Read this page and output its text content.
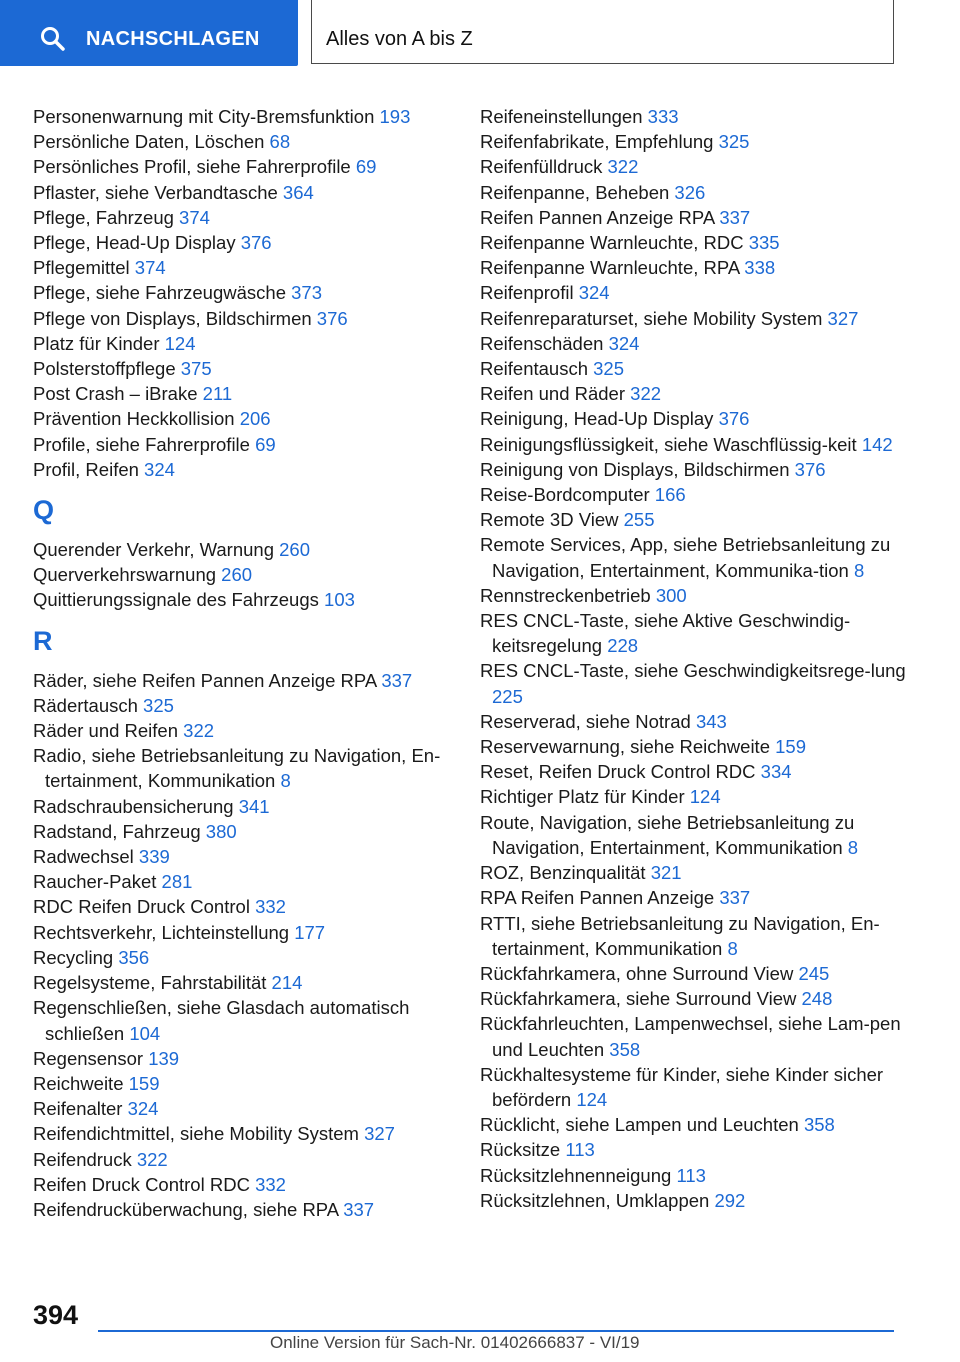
NACHSCHLAGEN	Alles von A bis Z
Personenwarnung mit City-Bremsfunktion 193
Persönliche Daten, Löschen 68
Persönliches Profil, siehe Fahrerprofile 69
Pflaster, siehe Verbandtasche 364
Pflege, Fahrzeug 374
Pflege, Head-Up Display 376
Pflegemittel 374
Pflege, siehe Fahrzeugwäsche 373
Pflege von Displays, Bildschirmen 376
Platz für Kinder 124
Polsterstoffpflege 375
Post Crash – iBrake 211
Prävention Heckkollision 206
Profile, siehe Fahrerprofile 69
Profil, Reifen 324
Q
Querender Verkehr, Warnung 260
Querverkehrswarnung 260
Quittierungssignale des Fahrzeugs 103
R
Räder, siehe Reifen Pannen Anzeige RPA 337
Rädertausch 325
Räder und Reifen 322
Radio, siehe Betriebsanleitung zu Navigation, En-tertainment, Kommunikation 8
Radschraubensicherung 341
Radstand, Fahrzeug 380
Radwechsel 339
Raucher-Paket 281
RDC Reifen Druck Control 332
Rechtsverkehr, Lichteinstellung 177
Recycling 356
Regelsysteme, Fahrstabilität 214
Regenschließen, siehe Glasdach automatisch schließen 104
Regensensor 139
Reichweite 159
Reifenalter 324
Reifendichtmittel, siehe Mobility System 327
Reifendruck 322
Reifen Druck Control RDC 332
Reifendrucküberwachung, siehe RPA 337
Reifeneinstellungen 333
Reifenfabrikate, Empfehlung 325
Reifenfülldruck 322
Reifenpanne, Beheben 326
Reifen Pannen Anzeige RPA 337
Reifenpanne Warnleuchte, RDC 335
Reifenpanne Warnleuchte, RPA 338
Reifenprofil 324
Reifenreparaturset, siehe Mobility System 327
Reifenschäden 324
Reifentausch 325
Reifen und Räder 322
Reinigung, Head-Up Display 376
Reinigungsflüssigkeit, siehe Waschflüssig-keit 142
Reinigung von Displays, Bildschirmen 376
Reise-Bordcomputer 166
Remote 3D View 255
Remote Services, App, siehe Betriebsanleitung zu Navigation, Entertainment, Kommunika-tion 8
Rennstreckenbetrieb 300
RES CNCL-Taste, siehe Aktive Geschwindig-keitsregelung 228
RES CNCL-Taste, siehe Geschwindigkeitsrege-lung 225
Reserverad, siehe Notrad 343
Reservewarnung, siehe Reichweite 159
Reset, Reifen Druck Control RDC 334
Richtiger Platz für Kinder 124
Route, Navigation, siehe Betriebsanleitung zu Navigation, Entertainment, Kommunikation 8
ROZ, Benzinqualität 321
RPA Reifen Pannen Anzeige 337
RTTI, siehe Betriebsanleitung zu Navigation, En-tertainment, Kommunikation 8
Rückfahrkamera, ohne Surround View 245
Rückfahrkamera, siehe Surround View 248
Rückfahrleuchten, Lampenwechsel, siehe Lam-pen und Leuchten 358
Rückhaltesysteme für Kinder, siehe Kinder sicher befördern 124
Rücklicht, siehe Lampen und Leuchten 358
Rücksitze 113
Rücksitzlehnenneigung 113
Rücksitzlehnen, Umklappen 292
394
Online Version für Sach-Nr. 01402666837 - VI/19
